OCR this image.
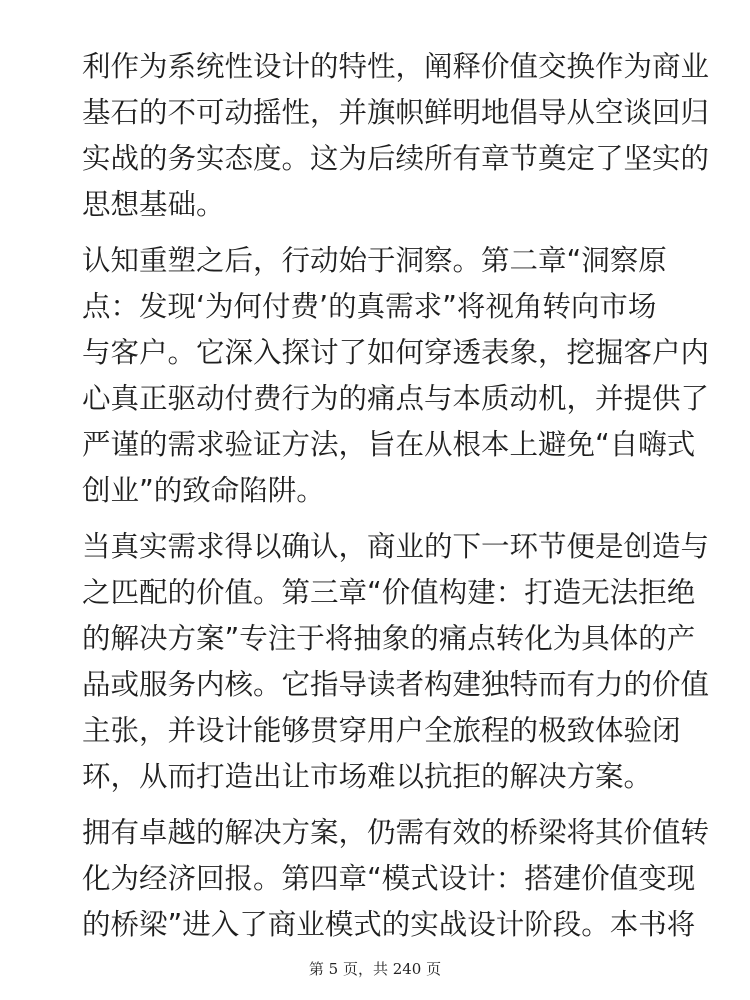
利作为系统性设计的特性，阐释价值交换作为商业
基石的不可动摇性，并旗帜鲜明地倡导从空谈回归
实战的务实态度。这为后续所有章节奠定了坚实的
思想基础。

认知重塑之后，行动始于洞察。第二章“洞察原
点：发现‘为何付费’的真需求”将视角转向市场
与客户。它深入探讨了如何穿透表象，挖掘客户内
心真正驱动付费行为的痛点与本质动机，并提供了
严谨的需求验证方法，旨在从根本上避免“自嗨式
创业”的致命陷阱。

当真实需求得以确认，商业的下一环节便是创造与
之匹配的价值。第三章“价值构建：打造无法拒绝
的解决方案”专注于将抽象的痛点转化为具体的产
品或服务内核。它指导读者构建独特而有力的价值
主张，并设计能够贯穿用户全旅程的极致体验闭
环，从而打造出让市场难以抗拒的解决方案。

拥有卓越的解决方案，仍需有效的桥梁将其价值转
化为经济回报。第四章“模式设计：搭建价值变现
的桥梁”进入了商业模式的实战设计阶段。本书将

第 5 页，共 240 页
